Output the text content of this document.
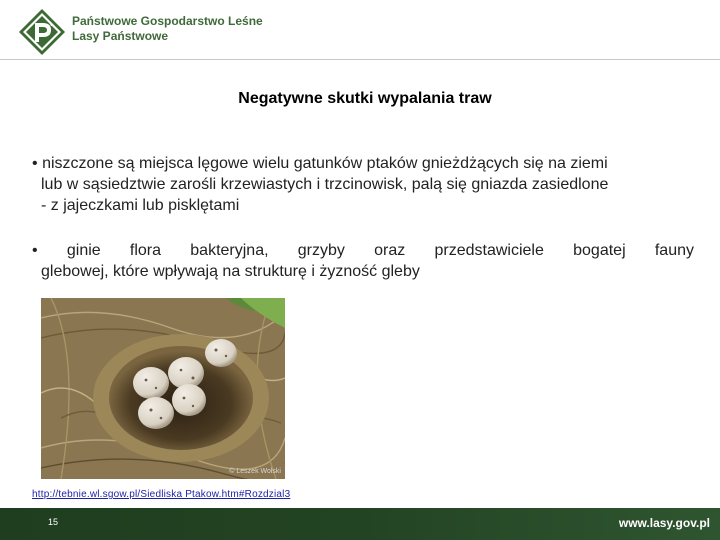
Państwowe Gospodarstwo Leśne
Lasy Państwowe
Negatywne skutki wypalania traw
• niszczone są miejsca lęgowe wielu gatunków ptaków gnieżdżących się na ziemi
lub w sąsiedztwie zarośli krzewiastych i trzcinowisk, palą się gniazda zasiedlone
- z jajeczkami lub pisklętami
• ginie flora bakteryjna, grzyby oraz przedstawiciele bogatej fauny
glebowej, które wpływają na strukturę i żyzność gleby
© Leszek Wolski
http://tebnie.wl.sgow.pl/Siedliska Ptakow.htm#Rozdzial3
15	www.lasy.gov.pl
